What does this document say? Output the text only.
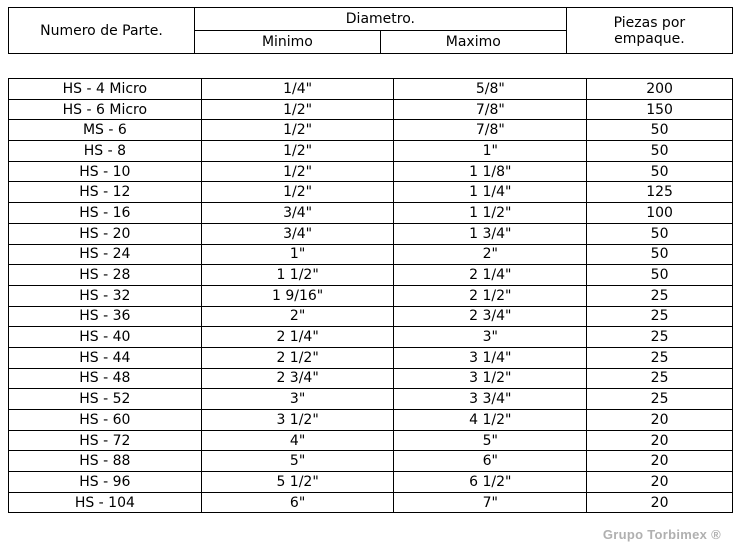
Numero de Parte.	Diametro.		Piezas por empaque.
	Minimo	Maximo	
HS - 4 Micro	1/4"	5/8"	200
HS - 6 Micro	1/2"	7/8"	150
MS - 6	1/2"	7/8"	50
HS - 8	1/2"	1"	50
HS - 10	1/2"	1 1/8"	50
HS - 12	1/2"	1 1/4"	125
HS - 16	3/4"	1 1/2"	100
HS - 20	3/4"	1 3/4"	50
HS - 24	1"	2"	50
HS - 28	1 1/2"	2 1/4"	50
HS - 32	1 9/16"	2 1/2"	25
HS - 36	2"	2 3/4"	25
HS - 40	2 1/4"	3"	25
HS - 44	2 1/2"	3 1/4"	25
HS - 48	2 3/4"	3 1/2"	25
HS - 52	3"	3 3/4"	25
HS - 60	3 1/2"	4 1/2"	20
HS - 72	4"	5"	20
HS - 88	5"	6"	20
HS - 96	5 1/2"	6 1/2"	20
HS - 104	6"	7"	20
Grupo Torbimex ®
